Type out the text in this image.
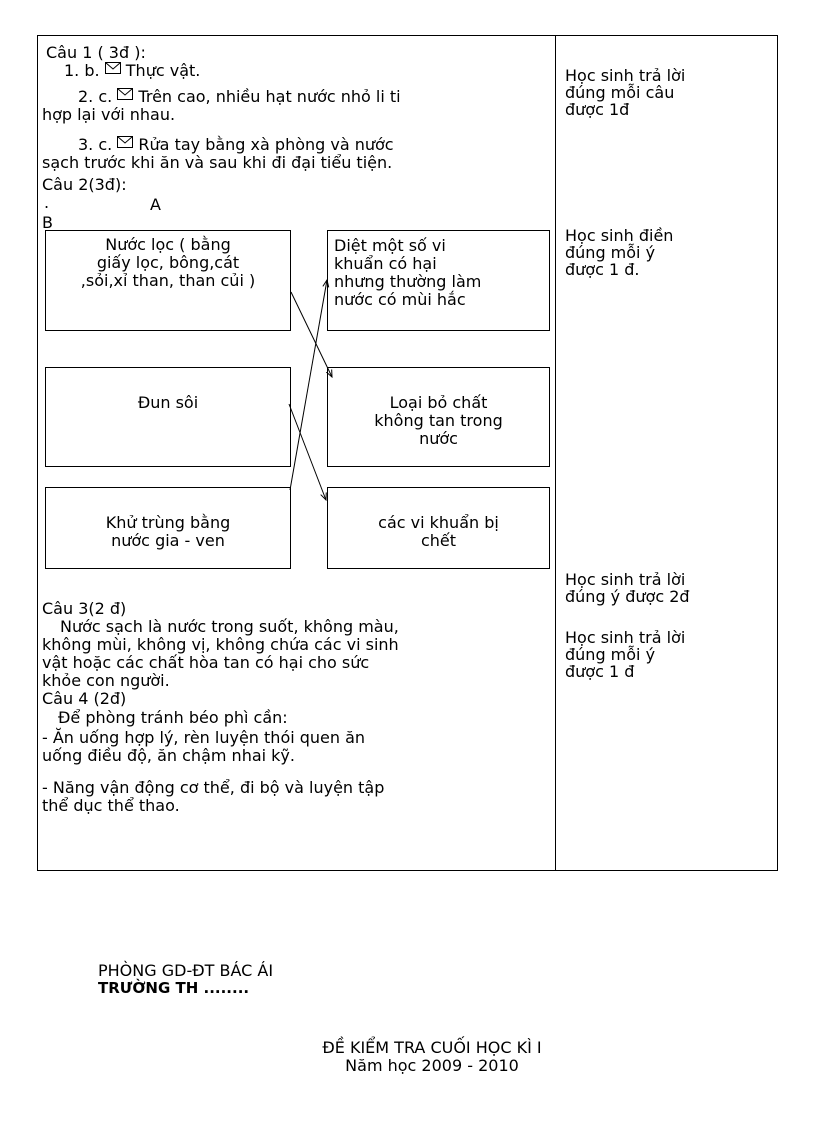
Câu 1 ( 3đ ):
1. b. Thực vật.
2. c. Trên cao, nhiều hạt nước nhỏ li ti
hợp lại với nhau.
3. c. Rửa tay bằng xà phòng và nước
sạch trước khi ăn và sau khi đi đại tiểu tiện.
Câu 2(3đ):
.	A
B
Nước lọc ( bằng
giấy lọc, bông,cát
,sỏi,xỉ than, than củi )
Đun sôi
Khử trùng bằng
nước gia - ven
Diệt một số vi
khuẩn có hại
nhưng thường làm
nước có mùi hắc
Loại bỏ chất
không tan trong
nước
các vi khuẩn bị
chết
Câu 3(2 đ)
Nước sạch là nước trong suốt, không màu,
không mùi, không vị, không chứa các vi sinh
vật hoặc các chất hòa tan có hại cho sức
khỏe con người.
Câu 4 (2đ)
Để phòng tránh béo phì cần:
- Ăn uống hợp lý, rèn luyện thói quen ăn
uống điều độ, ăn chậm nhai kỹ.
- Năng vận động cơ thể, đi bộ và luyện tập
thể dục thể thao.
Học sinh trả lời
đúng mỗi câu
được 1đ
Học sinh điền
đúng mỗi ý
được 1 đ.
Học sinh trả lời
đúng ý được 2đ
Học sinh trả lời
đúng mỗi ý
được 1 đ
PHÒNG GD-ĐT BÁC ÁI
TRƯỜNG TH ........
ĐỀ KIỂM TRA CUỐI HỌC KÌ I
Năm học 2009 - 2010
